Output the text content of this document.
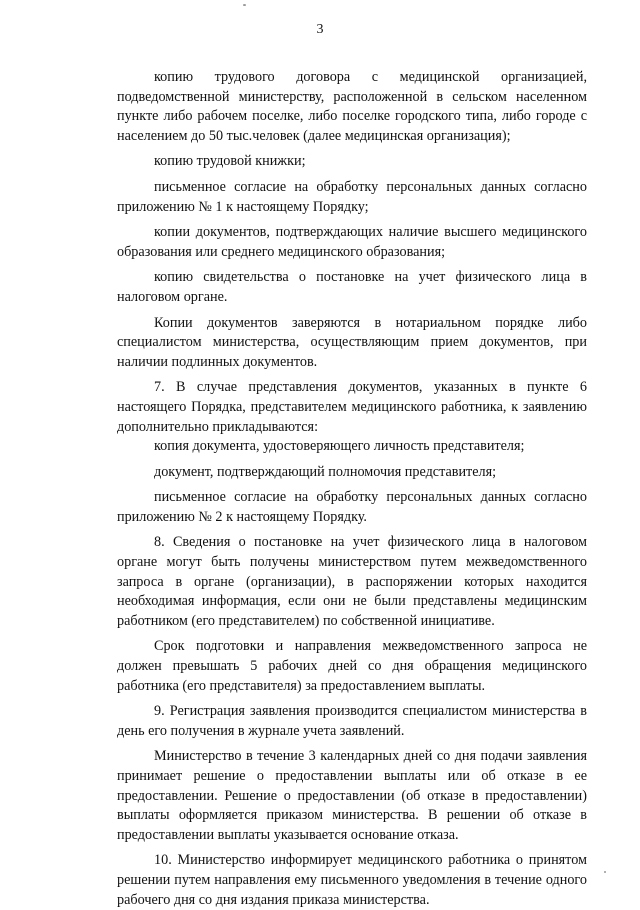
3

копию трудового договора с медицинской организацией, подведомственной министерству, расположенной в сельском населенном пункте либо рабочем поселке, либо поселке городского типа, либо городе с населением до 50 тыс.человек (далее медицинская организация);

копию трудовой книжки;

письменное согласие на обработку персональных данных согласно приложению № 1 к настоящему Порядку;

копии документов, подтверждающих наличие высшего медицинского образования или среднего медицинского образования;

копию свидетельства о постановке на учет физического лица в налоговом органе.

Копии документов заверяются в нотариальном порядке либо специалистом министерства, осуществляющим прием документов, при наличии подлинных документов.

7. В случае представления документов, указанных в пункте 6 настоящего Порядка, представителем медицинского работника, к заявлению дополнительно прикладываются:

копия документа, удостоверяющего личность представителя;

документ, подтверждающий полномочия представителя;

письменное согласие на обработку персональных данных согласно приложению № 2 к настоящему Порядку.

8. Сведения о постановке на учет физического лица в налоговом органе могут быть получены министерством путем межведомственного запроса в органе (организации), в распоряжении которых находится необходимая информация, если они не были представлены медицинским работником (его представителем) по собственной инициативе.

Срок подготовки и направления межведомственного запроса не должен превышать 5 рабочих дней со дня обращения медицинского работника (его представителя) за предоставлением выплаты.

9. Регистрация заявления производится специалистом министерства в день его получения в журнале учета заявлений.

Министерство в течение 3 календарных дней со дня подачи заявления принимает решение о предоставлении выплаты или об отказе в ее предоставлении. Решение о предоставлении (об отказе в предоставлении) выплаты оформляется приказом министерства. В решении об отказе в предоставлении выплаты указывается основание отказа.

10. Министерство информирует медицинского работника о принятом решении путем направления ему письменного уведомления в течение одного рабочего дня со дня издания приказа министерства.
